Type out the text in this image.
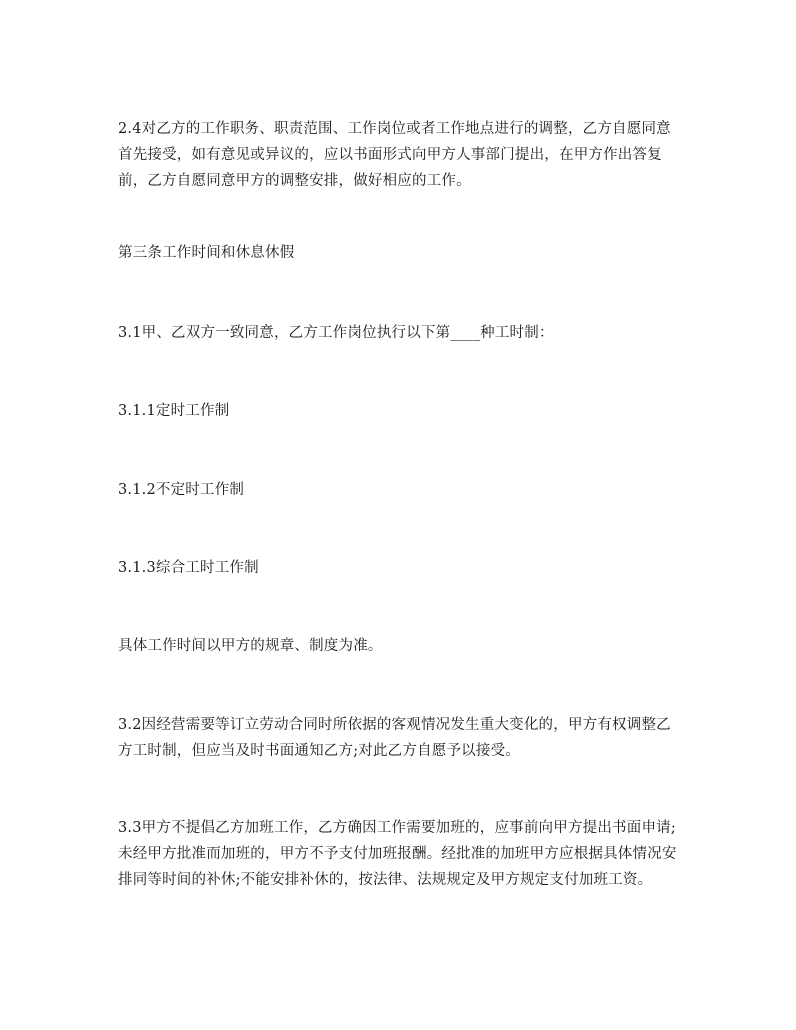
2.4对乙方的工作职务、职责范围、工作岗位或者工作地点进行的调整，乙方自愿同意首先接受，如有意见或异议的，应以书面形式向甲方人事部门提出，在甲方作出答复前，乙方自愿同意甲方的调整安排，做好相应的工作。

第三条工作时间和休息休假

3.1甲、乙双方一致同意，乙方工作岗位执行以下第____种工时制：

3.1.1定时工作制

3.1.2不定时工作制

3.1.3综合工时工作制

具体工作时间以甲方的规章、制度为准。

3.2因经营需要等订立劳动合同时所依据的客观情况发生重大变化的，甲方有权调整乙方工时制，但应当及时书面通知乙方;对此乙方自愿予以接受。

3.3甲方不提倡乙方加班工作，乙方确因工作需要加班的，应事前向甲方提出书面申请;未经甲方批准而加班的，甲方不予支付加班报酬。经批准的加班甲方应根据具体情况安排同等时间的补休;不能安排补休的，按法律、法规规定及甲方规定支付加班工资。
